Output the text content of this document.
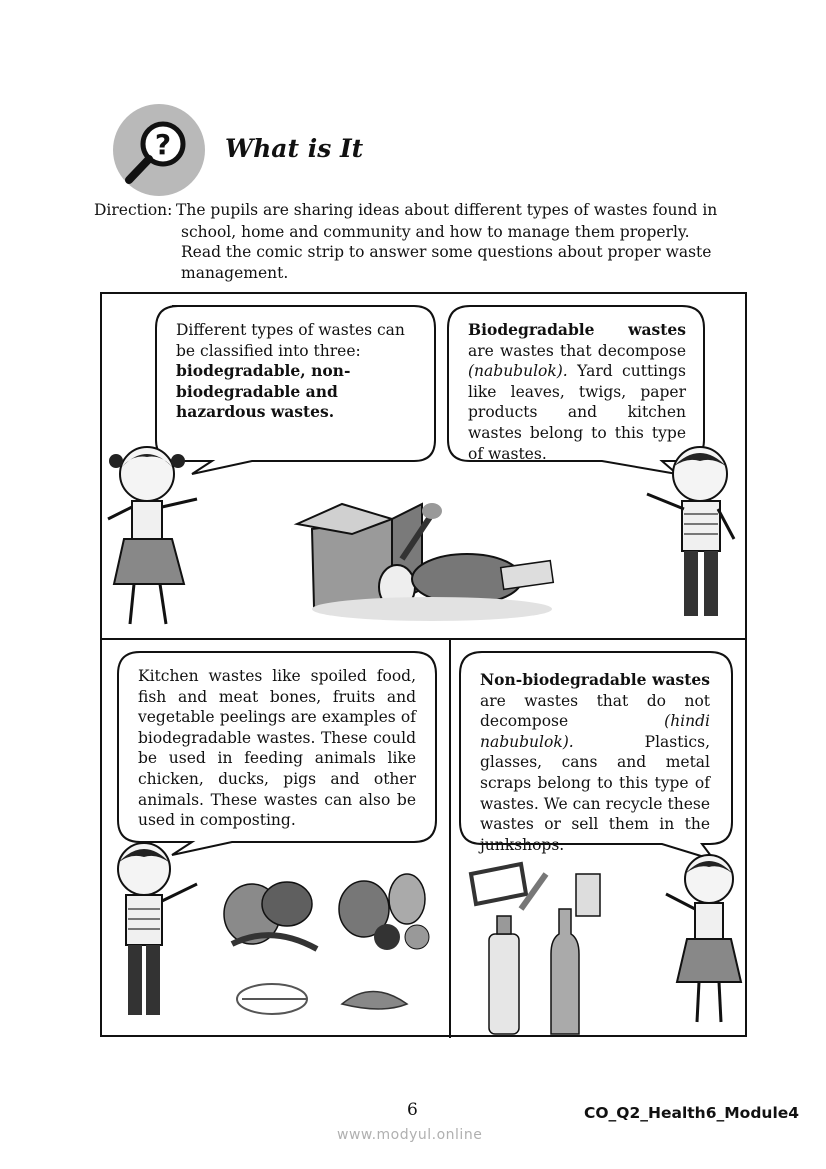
? What is It
Direction: The pupils are sharing ideas about different types of wastes found in
school, home and community and how to manage them properly. Read the comic strip to answer some questions about proper waste management.
Different types of wastes can be classified into three: biodegradable, non-biodegradable and hazardous wastes.
Biodegradable wastes are wastes that decompose (nabubulok). Yard cuttings like leaves, twigs, paper products and kitchen wastes belong to this type of wastes.
Kitchen wastes like spoiled food, fish and meat bones, fruits and vegetable peelings are examples of biodegradable wastes. These could be used in feeding animals like chicken, ducks, pigs and other animals. These wastes can also be used in composting.
Non-biodegradable wastes are wastes that do not decompose (hindi nabubulok). Plastics, glasses, cans and metal scraps belong to this type of wastes. We can recycle these wastes or sell them in the junkshops.
6	CO_Q2_Health6_Module4
www.modyul.online
